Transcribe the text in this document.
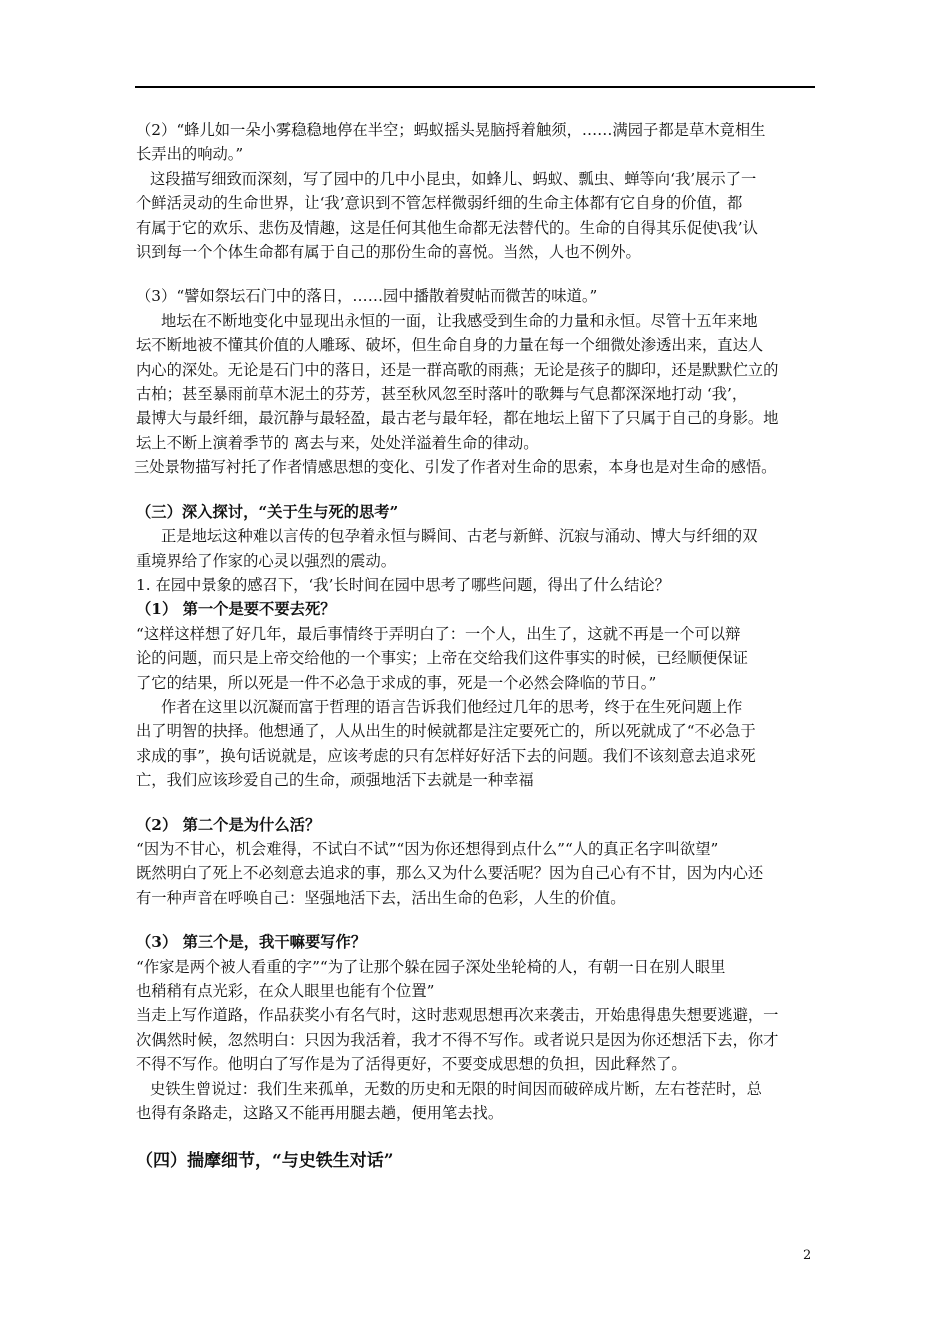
（2）“蜂儿如一朵小雾稳稳地停在半空；蚂蚁摇头晃脑捋着触须，……满园子都是草木竟相生

长弄出的响动。”

这段描写细致而深刻，写了园中的几中小昆虫，如蜂儿、蚂蚁、瓢虫、蝉等向‘我’展示了一

个鲜活灵动的生命世界，让‘我’意识到不管怎样微弱纤细的生命主体都有它自身的价值，都

有属于它的欢乐、悲伤及情趣，这是任何其他生命都无法替代的。生命的自得其乐促使\我’认

识到每一个个体生命都有属于自己的那份生命的喜悦。当然，人也不例外。

（3）“譬如祭坛石门中的落日，……园中播散着熨帖而微苦的味道。”

地坛在不断地变化中显现出永恒的一面，让我感受到生命的力量和永恒。尽管十五年来地

坛不断地被不懂其价值的人雕琢、破坏，但生命自身的力量在每一个细微处渗透出来，直达人

内心的深处。无论是石门中的落日，还是一群高歌的雨燕；无论是孩子的脚印，还是默默伫立的

古柏；甚至暴雨前草木泥土的芬芳，甚至秋风忽至时落叶的歌舞与气息都深深地打动 ‘我’，

最博大与最纤细，最沉静与最轻盈，最古老与最年轻，都在地坛上留下了只属于自己的身影。地

坛上不断上演着季节的 离去与来，处处洋溢着生命的律动。

三处景物描写衬托了作者情感思想的变化、引发了作者对生命的思索，本身也是对生命的感悟。

（三）深入探讨，“关于生与死的思考”

正是地坛这种难以言传的包孕着永恒与瞬间、古老与新鲜、沉寂与涌动、博大与纤细的双

重境界给了作家的心灵以强烈的震动。

1. 在园中景象的感召下，‘我’长时间在园中思考了哪些问题，得出了什么结论？

（1） 第一个是要不要去死？

“这样这样想了好几年，最后事情终于弄明白了：一个人，出生了，这就不再是一个可以辩

论的问题，而只是上帝交给他的一个事实；上帝在交给我们这件事实的时候，已经顺便保证

了它的结果，所以死是一件不必急于求成的事，死是一个必然会降临的节日。”

作者在这里以沉凝而富于哲理的语言告诉我们他经过几年的思考，终于在生死问题上作

出了明智的抉择。他想通了，人从出生的时候就都是注定要死亡的，所以死就成了“不必急于

求成的事”，换句话说就是，应该考虑的只有怎样好好活下去的问题。我们不该刻意去追求死

亡，我们应该珍爱自己的生命，顽强地活下去就是一种幸福

（2） 第二个是为什么活？

“因为不甘心，机会难得，不试白不试”“因为你还想得到点什么”“人的真正名字叫欲望”

既然明白了死上不必刻意去追求的事，那么又为什么要活呢？因为自己心有不甘，因为内心还

有一种声音在呼唤自己：坚强地活下去，活出生命的色彩，人生的价值。

（3） 第三个是，我干嘛要写作？

“作家是两个被人看重的字”“为了让那个躲在园子深处坐轮椅的人，有朝一日在别人眼里

也稍稍有点光彩，在众人眼里也能有个位置”

当走上写作道路，作品获奖小有名气时，这时悲观思想再次来袭击，开始患得患失想要逃避，一

次偶然时候，忽然明白：只因为我活着，我才不得不写作。或者说只是因为你还想活下去，你才

不得不写作。他明白了写作是为了活得更好，不要变成思想的负担，因此释然了。

史铁生曾说过：我们生来孤单，无数的历史和无限的时间因而破碎成片断，左右苍茫时，总

也得有条路走，这路又不能再用腿去趟，便用笔去找。

（四）揣摩细节，“与史铁生对话”

2
